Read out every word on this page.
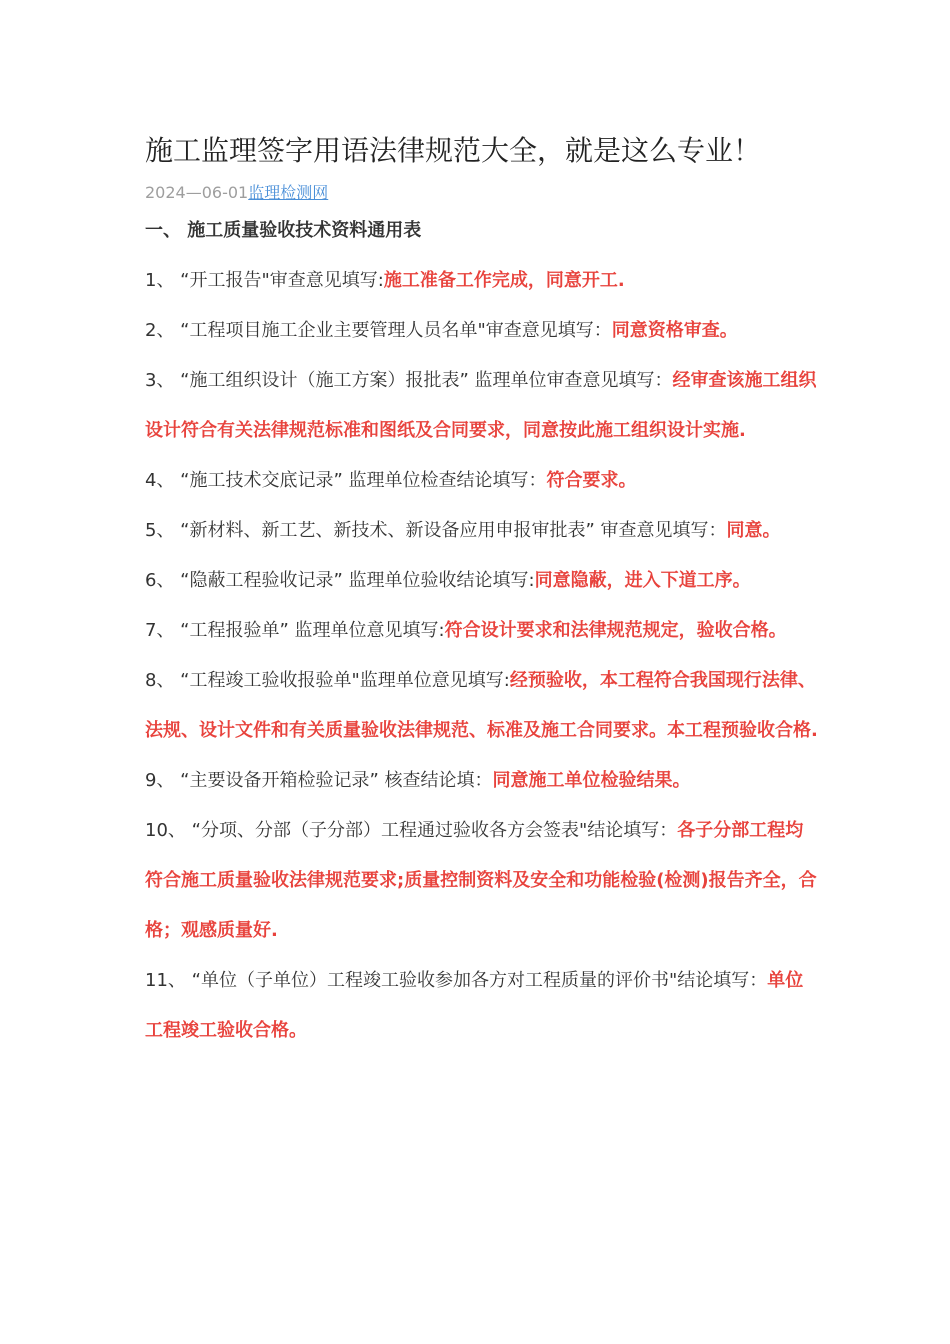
施工监理签字用语法律规范大全，就是这么专业！
2024—06-01监理检测网

一、 施工质量验收技术资料通用表

1、 “开工报告"审查意见填写:施工准备工作完成，同意开工.

2、 “工程项目施工企业主要管理人员名单"审查意见填写：同意资格审查。

3、 “施工组织设计（施工方案）报批表” 监理单位审查意见填写：经审查该施工组织设计符合有关法律规范标准和图纸及合同要求，同意按此施工组织设计实施.

4、 “施工技术交底记录” 监理单位检查结论填写：符合要求。

5、 “新材料、新工艺、新技术、新设备应用申报审批表” 审查意见填写：同意。

6、 “隐蔽工程验收记录” 监理单位验收结论填写:同意隐蔽，进入下道工序。

7、 “工程报验单” 监理单位意见填写:符合设计要求和法律规范规定，验收合格。

8、 “工程竣工验收报验单"监理单位意见填写:经预验收，本工程符合我国现行法律、法规、设计文件和有关质量验收法律规范、标准及施工合同要求。本工程预验收合格.

9、 “主要设备开箱检验记录” 核查结论填：同意施工单位检验结果。

10、 “分项、分部（子分部）工程通过验收各方会签表"结论填写：各子分部工程均符合施工质量验收法律规范要求;质量控制资料及安全和功能检验(检测)报告齐全，合格；观感质量好.

11、 “单位（子单位）工程竣工验收参加各方对工程质量的评价书"结论填写：单位工程竣工验收合格。
